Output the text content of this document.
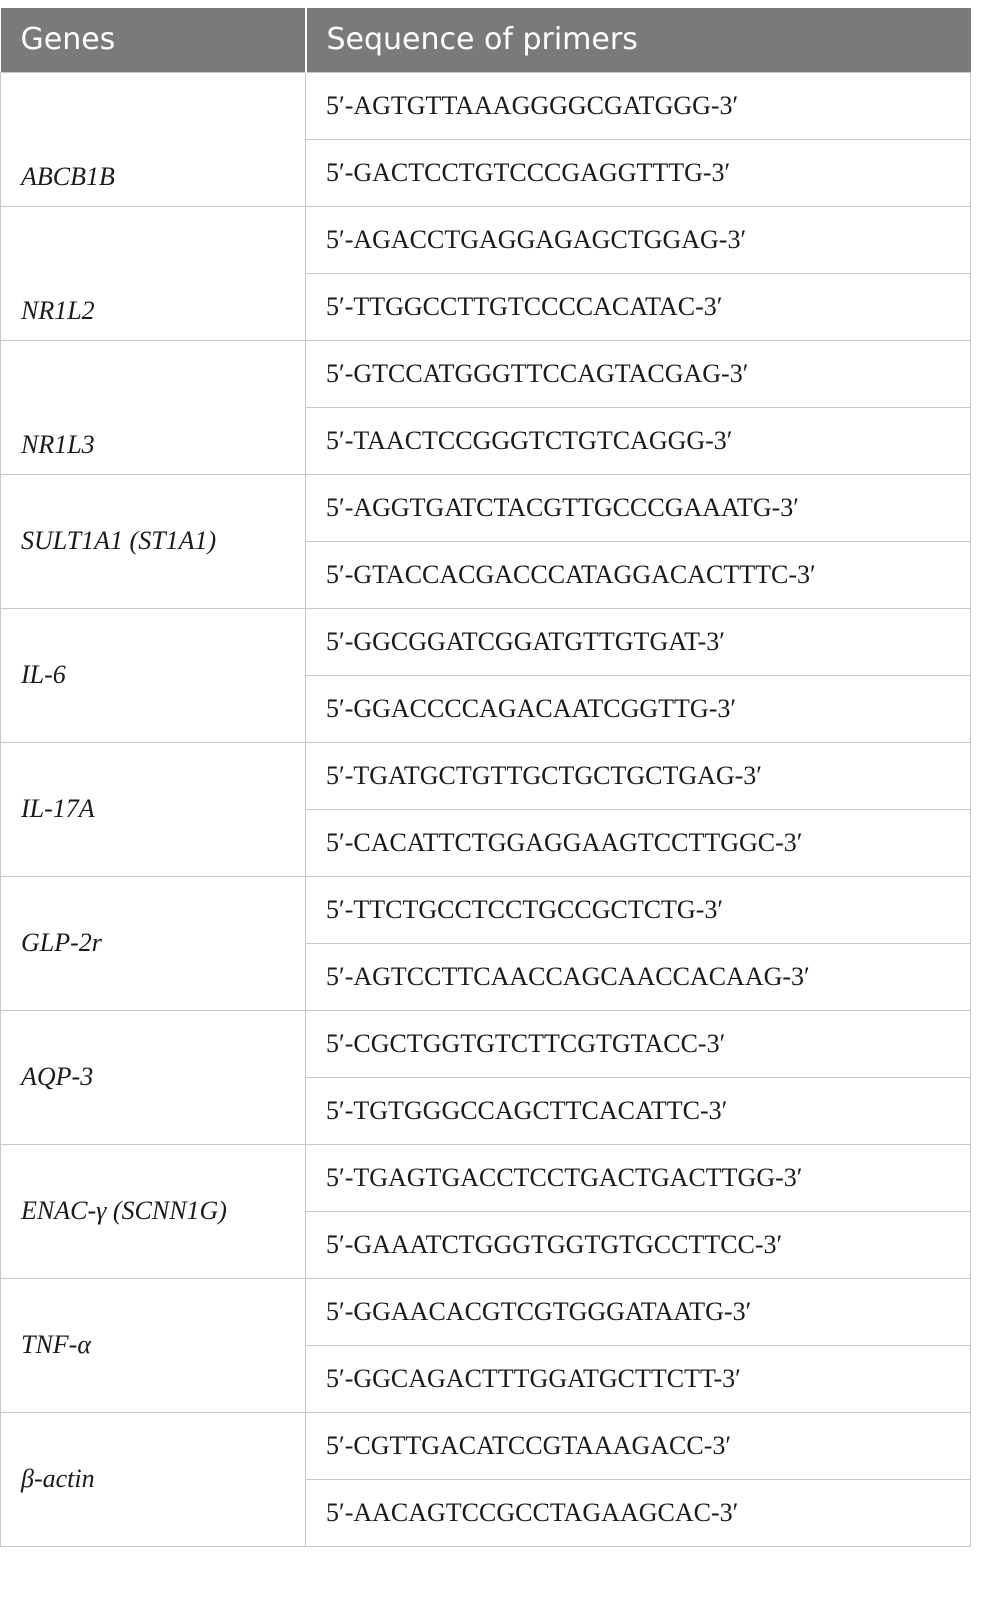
Genes	Sequence of primers
ABCB1B	5′-AGTGTTAAAGGGGCGATGGG-3′
	5′-GACTCCTGTCCCGAGGTTTG-3′
NR1L2	5′-AGACCTGAGGAGAGCTGGAG-3′
	5′-TTGGCCTTGTCCCCACATAC-3′
NR1L3	5′-GTCCATGGGTTCCAGTACGAG-3′
	5′-TAACTCCGGGTCTGTCAGGG-3′
SULT1A1 (ST1A1)	5′-AGGTGATCTACGTTGCCCGAAATG-3′
	5′-GTACCACGACCCATAGGACACTTTC-3′
IL-6	5′-GGCGGATCGGATGTTGTGAT-3′
	5′-GGACCCCAGACAATCGGTTG-3′
IL-17A	5′-TGATGCTGTTGCTGCTGCTGAG-3′
	5′-CACATTCTGGAGGAAGTCCTTGGC-3′
GLP-2r	5′-TTCTGCCTCCTGCCGCTCTG-3′
	5′-AGTCCTTCAACCAGCAACCACAAG-3′
AQP-3	5′-CGCTGGTGTCTTCGTGTACC-3′
	5′-TGTGGGCCAGCTTCACATTC-3′
ENAC-γ (SCNN1G)	5′-TGAGTGACCTCCTGACTGACTTGG-3′
	5′-GAAATCTGGGTGGTGTGCCTTCC-3′
TNF-α	5′-GGAACACGTCGTGGGATAATG-3′
	5′-GGCAGACTTTGGATGCTTCTT-3′
β-actin	5′-CGTTGACATCCGTAAAGACC-3′
	5′-AACAGTCCGCCTAGAAGCAC-3′
